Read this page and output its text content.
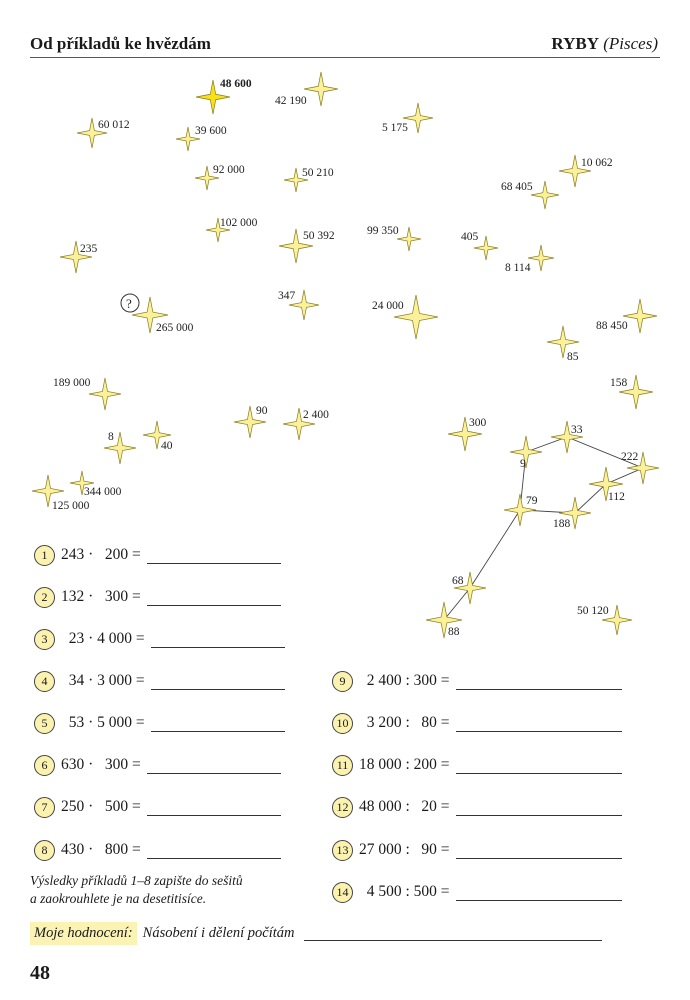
Od příkladů ke hvězdám	RYBY (Pisces)
48 600
42 190
5 175
60 012	39 600
92 000	50 210
10 062
68 405
102 000
50 392	99 350	405
8 114
235
265 000
347
24 000
88 450
85
189 000	158
90	2 400
300
8
40
33
9
222
112
344 000
125 000	79
188
68
88
50 120
?
1 243 ·   200 =
2 132 ·   300 =
3 23 · 4 000 =
4 34 · 3 000 =
5 53 · 5 000 =
6 630 ·   300 =
7 250 ·   500 =
8 430 ·   800 =
9 2 400 : 300 =
10 3 200 :   80 =
11 18 000 : 200 =
12 48 000 :   20 =
13 27 000 :   90 =
14 4 500 : 500 =
Výsledky příkladů 1–8 zapište do sešitů
a zaokrouhlete je na desetitisíce.
Moje hodnocení: Násobení i dělení počítám
48
